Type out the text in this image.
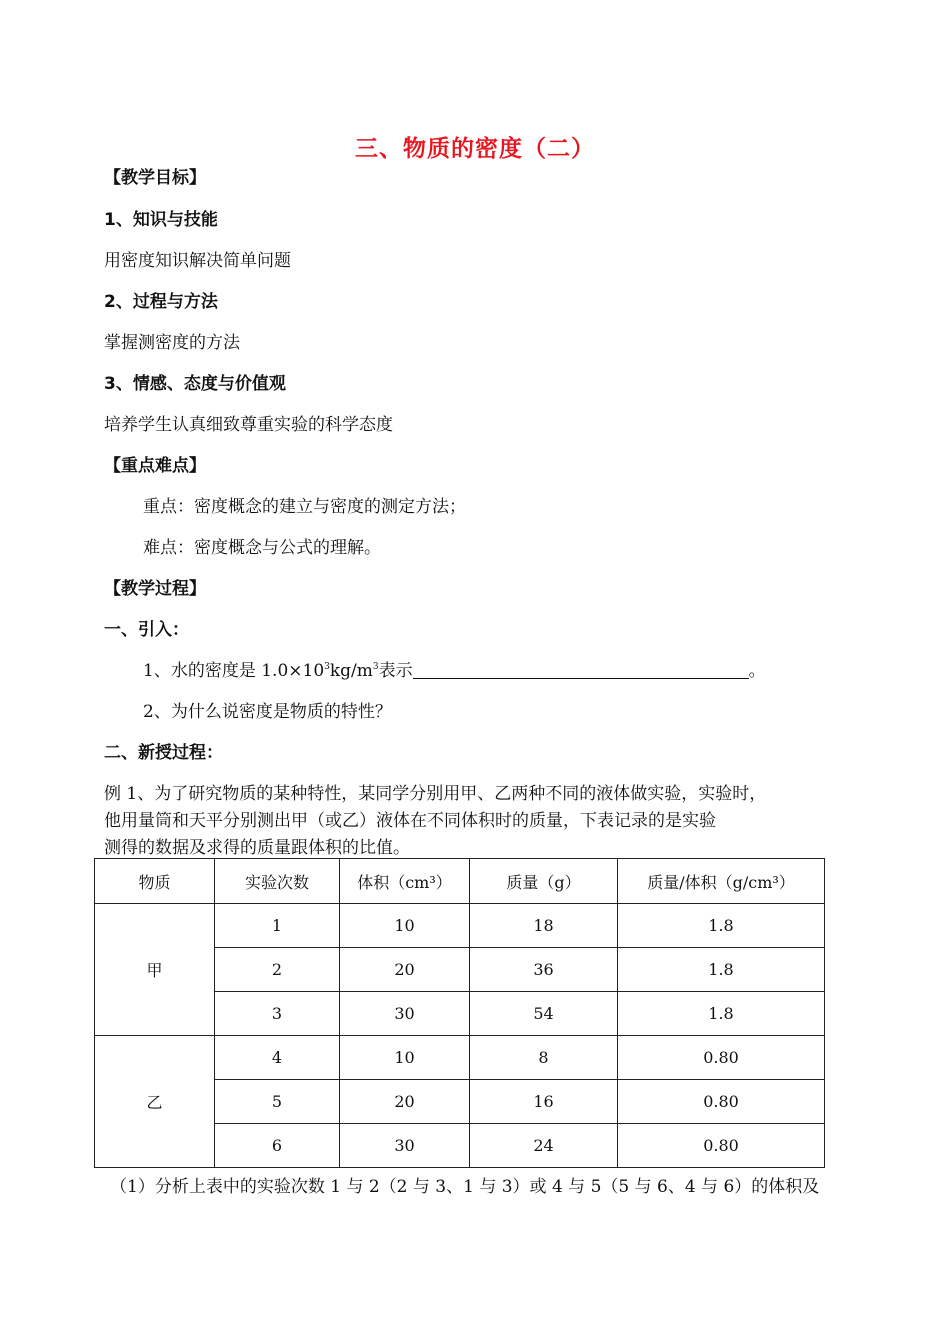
三、物质的密度（二）
【教学目标】
1、知识与技能
用密度知识解决简单问题
2、过程与方法
掌握测密度的方法
3、情感、态度与价值观
培养学生认真细致尊重实验的科学态度
【重点难点】
重点：密度概念的建立与密度的测定方法；
难点：密度概念与公式的理解。
【教学过程】
一、引入：
1、水的密度是 $1.0\times 10^3kg/m^3$表示	。
2、为什么说密度是物质的特性？
二、新授过程：
例 1、为了研究物质的某种特性，某同学分别用甲、乙两种不同的液体做实验，实验时，
他用量筒和天平分别测出甲（或乙）液体在不同体积时的质量，下表记录的是实验
测得的数据及求得的质量跟体积的比值。
物质	实验次数	体积（cm³）	质量（g）	质量/体积（g/cm³）
甲	1	10	18	1.8
	2	20	36	1.8
	3	30	54	1.8
乙	4	10	8	0.80
	5	20	16	0.80
	6	30	24	0.80
（1）分析上表中的实验次数 1 与 2（2 与 3、1 与 3）或 4 与 5（5 与 6、4 与 6）的体积及
